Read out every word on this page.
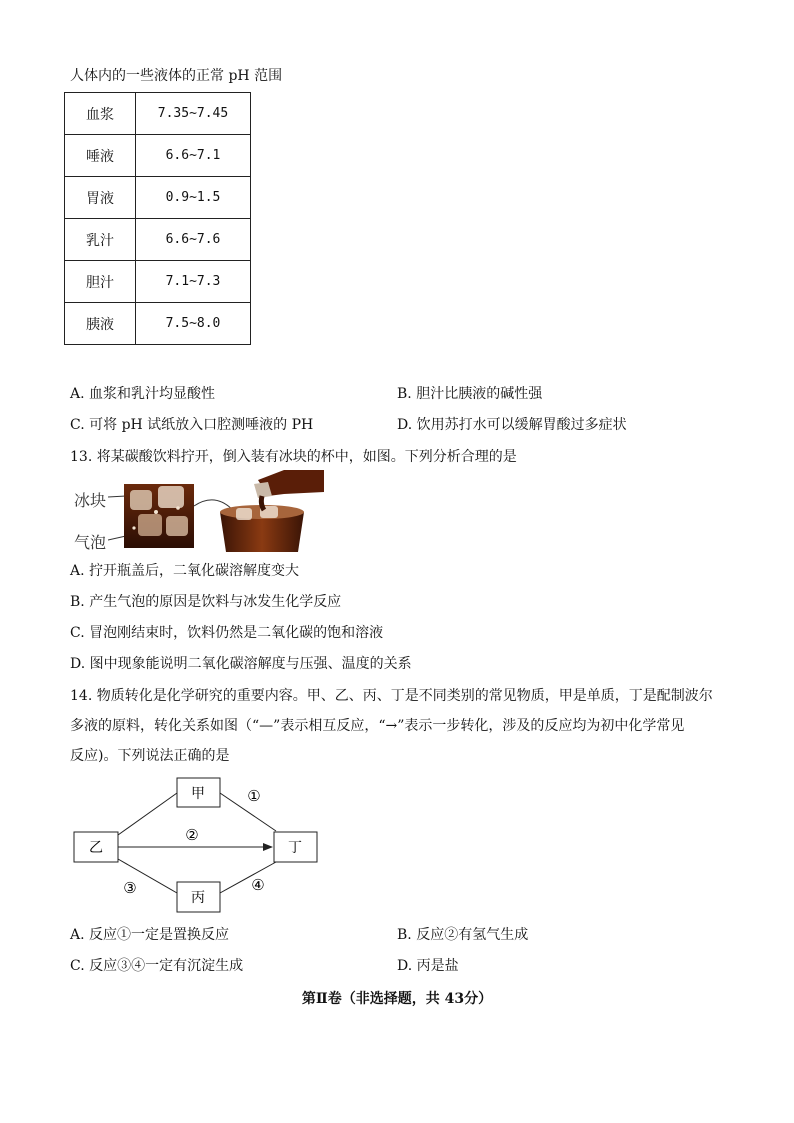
人体内的一些液体的正常 pH 范围
血浆	7.35~7.45
唾液	6.6~7.1
胃液	0.9~1.5
乳汁	6.6~7.6
胆汁	7.1~7.3
胰液	7.5~8.0
A. 血浆和乳汁均显酸性	B. 胆汁比胰液的碱性强
C. 可将 pH 试纸放入口腔测唾液的 PH	D. 饮用苏打水可以缓解胃酸过多症状
13. 将某碳酸饮料拧开，倒入装有冰块的杯中，如图。下列分析合理的是
冰块
气泡
A. 拧开瓶盖后，二氧化碳溶解度变大
B. 产生气泡的原因是饮料与冰发生化学反应
C. 冒泡刚结束时，饮料仍然是二氧化碳的饱和溶液
D. 图中现象能说明二氧化碳溶解度与压强、温度的关系
14. 物质转化是化学研究的重要内容。甲、乙、丙、丁是不同类别的常见物质，甲是单质，丁是配制波尔
多液的原料，转化关系如图（“—”表示相互反应，“→”表示一步转化，涉及的反应均为初中化学常见
反应)。下列说法正确的是
甲
乙	丁
丙
①
②
③	④
A. 反应①一定是置换反应	B. 反应②有氢气生成
C. 反应③④一定有沉淀生成	D. 丙是盐
第Ⅱ卷（非选择题，共 43分）
